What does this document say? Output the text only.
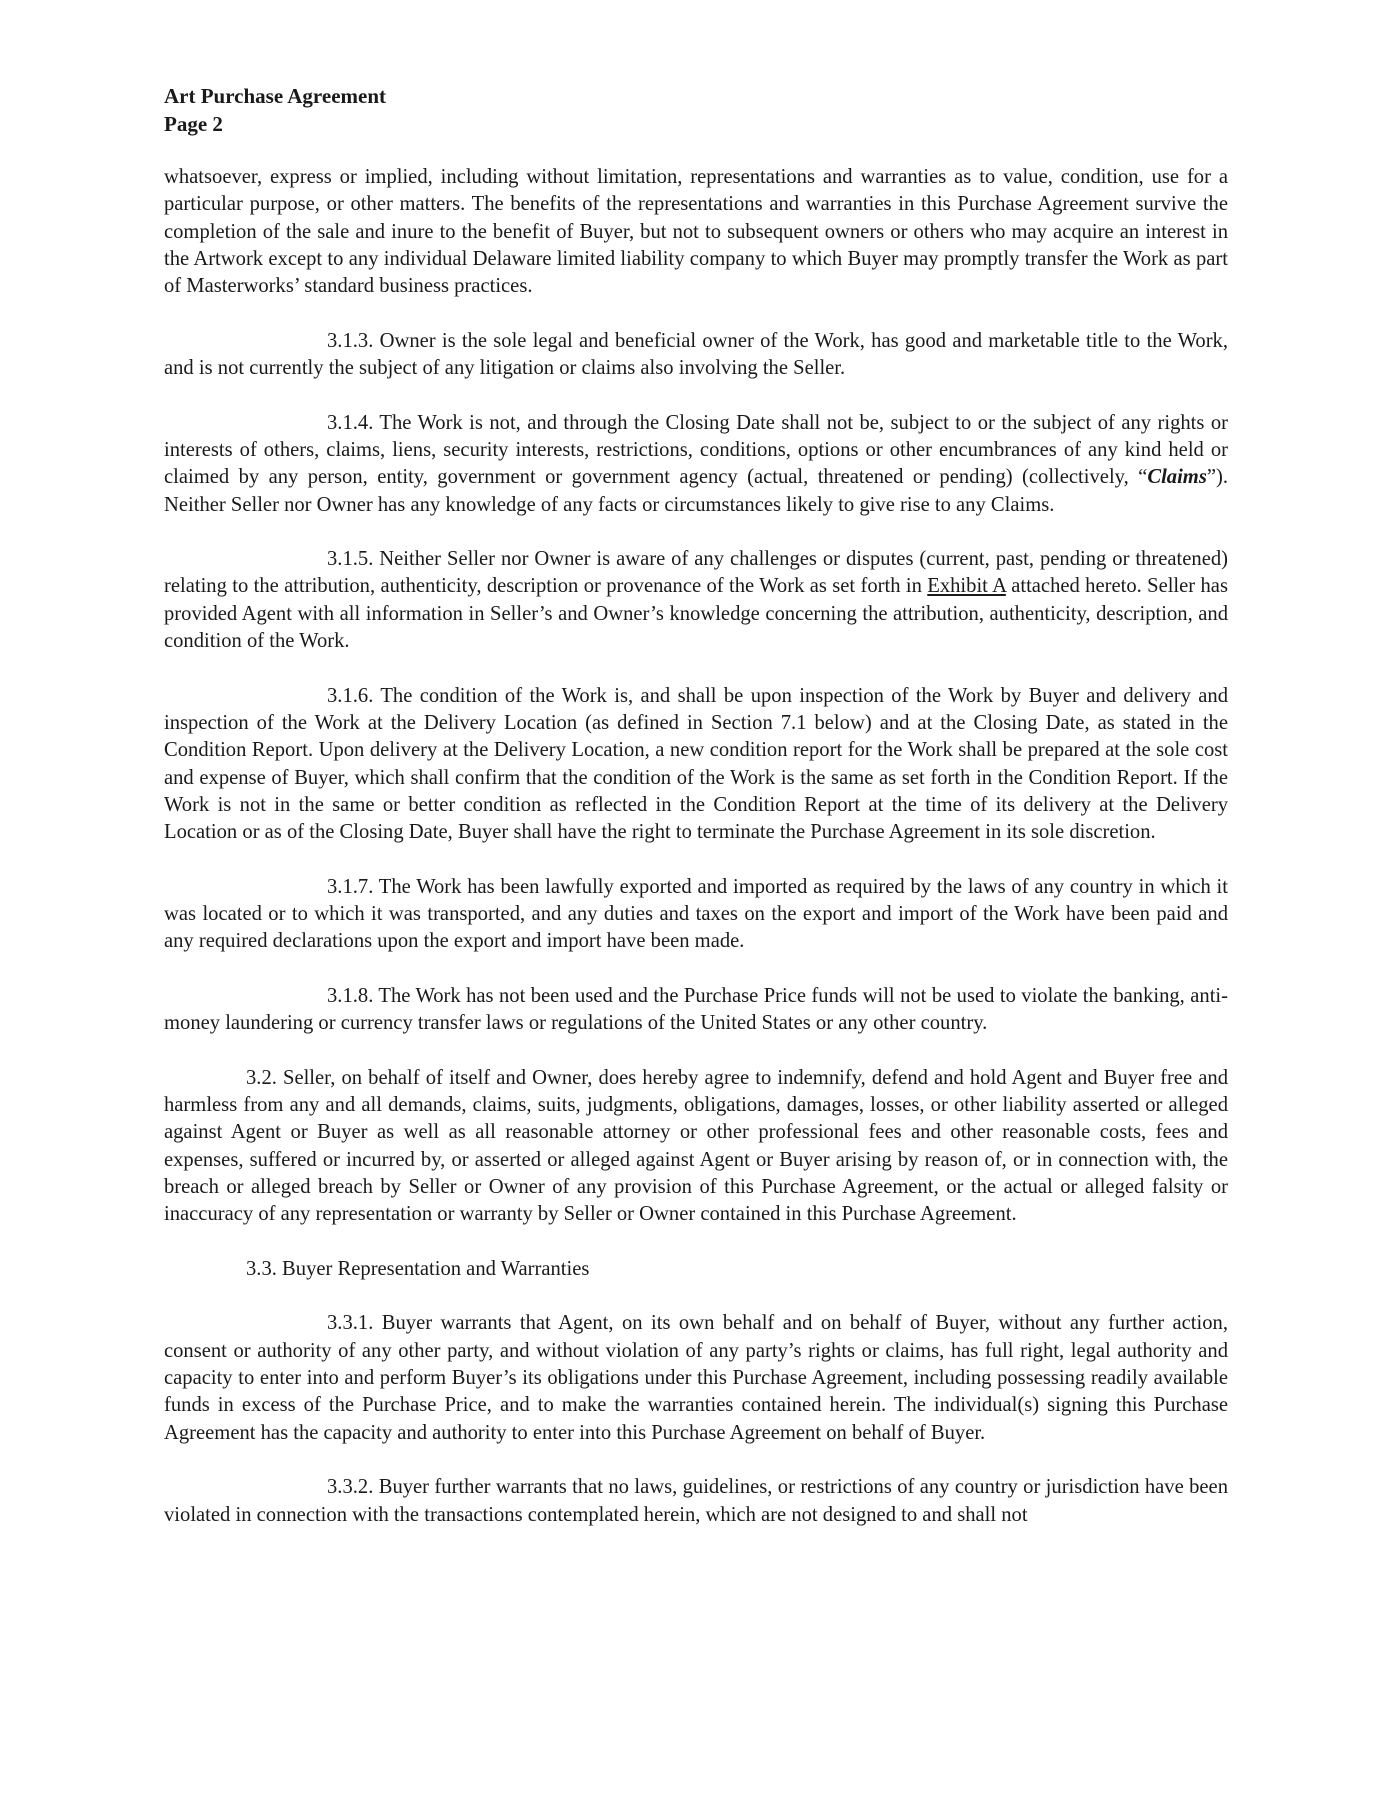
Art Purchase Agreement
Page 2

whatsoever, express or implied, including without limitation, representations and warranties as to value, condition, use for a particular purpose, or other matters. The benefits of the representations and warranties in this Purchase Agreement survive the completion of the sale and inure to the benefit of Buyer, but not to subsequent owners or others who may acquire an interest in the Artwork except to any individual Delaware limited liability company to which Buyer may promptly transfer the Work as part of Masterworks’ standard business practices.

3.1.3. Owner is the sole legal and beneficial owner of the Work, has good and marketable title to the Work, and is not currently the subject of any litigation or claims also involving the Seller.

3.1.4. The Work is not, and through the Closing Date shall not be, subject to or the subject of any rights or interests of others, claims, liens, security interests, restrictions, conditions, options or other encumbrances of any kind held or claimed by any person, entity, government or government agency (actual, threatened or pending) (collectively, “Claims”). Neither Seller nor Owner has any knowledge of any facts or circumstances likely to give rise to any Claims.

3.1.5. Neither Seller nor Owner is aware of any challenges or disputes (current, past, pending or threatened) relating to the attribution, authenticity, description or provenance of the Work as set forth in Exhibit A attached hereto. Seller has provided Agent with all information in Seller’s and Owner’s knowledge concerning the attribution, authenticity, description, and condition of the Work.

3.1.6. The condition of the Work is, and shall be upon inspection of the Work by Buyer and delivery and inspection of the Work at the Delivery Location (as defined in Section 7.1 below) and at the Closing Date, as stated in the Condition Report. Upon delivery at the Delivery Location, a new condition report for the Work shall be prepared at the sole cost and expense of Buyer, which shall confirm that the condition of the Work is the same as set forth in the Condition Report. If the Work is not in the same or better condition as reflected in the Condition Report at the time of its delivery at the Delivery Location or as of the Closing Date, Buyer shall have the right to terminate the Purchase Agreement in its sole discretion.

3.1.7. The Work has been lawfully exported and imported as required by the laws of any country in which it was located or to which it was transported, and any duties and taxes on the export and import of the Work have been paid and any required declarations upon the export and import have been made.

3.1.8. The Work has not been used and the Purchase Price funds will not be used to violate the banking, anti-money laundering or currency transfer laws or regulations of the United States or any other country.

3.2. Seller, on behalf of itself and Owner, does hereby agree to indemnify, defend and hold Agent and Buyer free and harmless from any and all demands, claims, suits, judgments, obligations, damages, losses, or other liability asserted or alleged against Agent or Buyer as well as all reasonable attorney or other professional fees and other reasonable costs, fees and expenses, suffered or incurred by, or asserted or alleged against Agent or Buyer arising by reason of, or in connection with, the breach or alleged breach by Seller or Owner of any provision of this Purchase Agreement, or the actual or alleged falsity or inaccuracy of any representation or warranty by Seller or Owner contained in this Purchase Agreement.

3.3. Buyer Representation and Warranties

3.3.1. Buyer warrants that Agent, on its own behalf and on behalf of Buyer, without any further action, consent or authority of any other party, and without violation of any party’s rights or claims, has full right, legal authority and capacity to enter into and perform Buyer’s its obligations under this Purchase Agreement, including possessing readily available funds in excess of the Purchase Price, and to make the warranties contained herein. The individual(s) signing this Purchase Agreement has the capacity and authority to enter into this Purchase Agreement on behalf of Buyer.

3.3.2. Buyer further warrants that no laws, guidelines, or restrictions of any country or jurisdiction have been violated in connection with the transactions contemplated herein, which are not designed to and shall not
